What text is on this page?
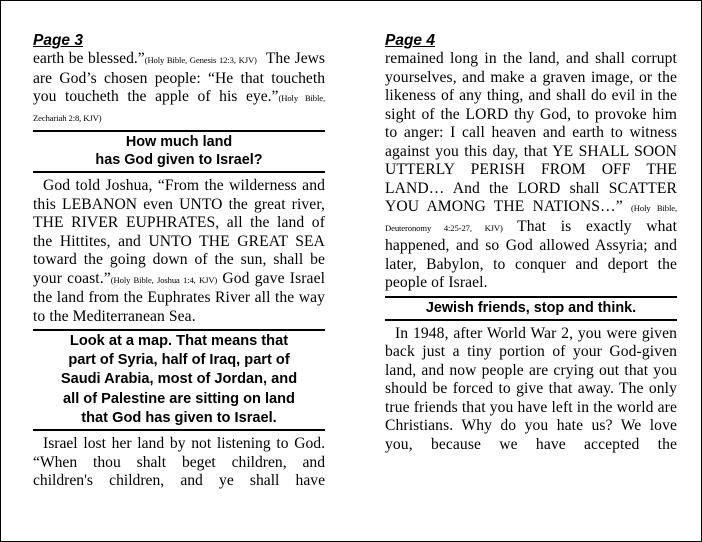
Page 3

earth be blessed.”(Holy Bible, Genesis 12:3, KJV) The Jews are God’s chosen people: “He that toucheth you toucheth the apple of his eye.”(Holy Bible, Zechariah 2:8, KJV)

How much land
has God given to Israel?

God told Joshua, “From the wilderness and this LEBANON even UNTO the great river, THE RIVER EUPHRATES, all the land of the Hittites, and UNTO THE GREAT SEA toward the going down of the sun, shall be your coast.”(Holy Bible, Joshua 1:4, KJV) God gave Israel the land from the Euphrates River all the way to the Mediterranean Sea.

Look at a map. That means that
part of Syria, half of Iraq, part of
Saudi Arabia, most of Jordan, and
all of Palestine are sitting on land
that God has given to Israel.

Israel lost her land by not listening to God. “When thou shalt beget children, and children's children, and ye shall have

Page 4

remained long in the land, and shall corrupt yourselves, and make a graven image, or the likeness of any thing, and shall do evil in the sight of the LORD thy God, to provoke him to anger: I call heaven and earth to witness against you this day, that YE SHALL SOON UTTERLY PERISH FROM OFF THE LAND… And the LORD shall SCATTER YOU AMONG THE NATIONS…” (Holy Bible, Deuteronomy 4:25-27, KJV) That is exactly what happened, and so God allowed Assyria; and later, Babylon, to conquer and deport the people of Israel.

Jewish friends, stop and think.

In 1948, after World War 2, you were given back just a tiny portion of your God-given land, and now people are crying out that you should be forced to give that away. The only true friends that you have left in the world are Christians. Why do you hate us? We love you, because we have accepted the
